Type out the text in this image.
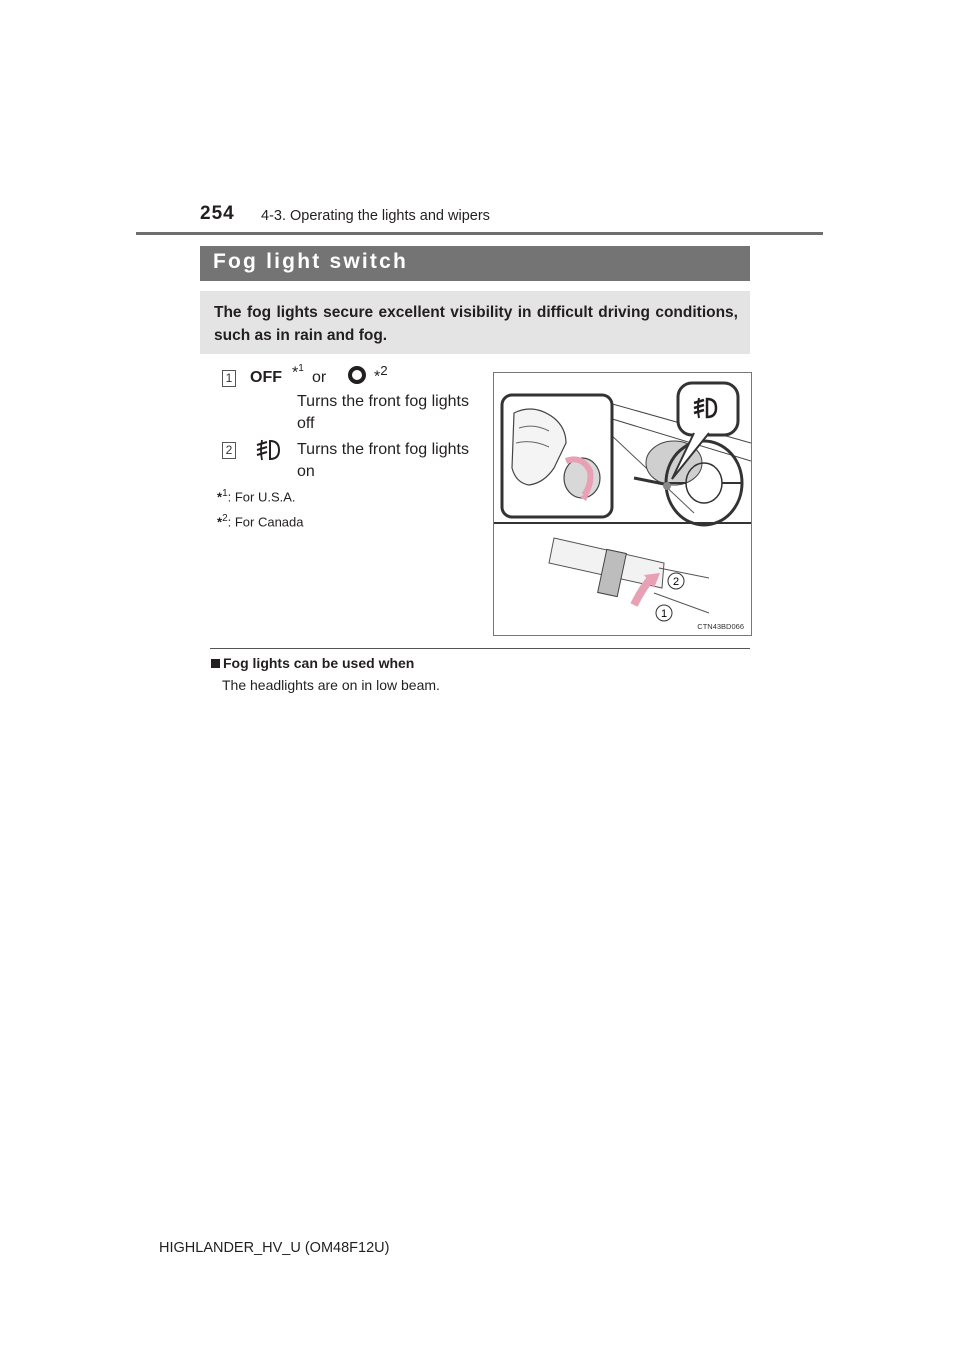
254 4-3. Operating the lights and wipers
Fog light switch
The fog lights secure excellent visibility in difficult driving conditions, such as in rain and fog.
1 OFF *$^1$
or	*$^2$
Turns the front fog lights off
2	Turns the front fog lights on
*$^1$: For U.S.A.
*$^2$: For Canada
2
1
CTN43BD066
Fog lights can be used when
The headlights are on in low beam.
HIGHLANDER_HV_U (OM48F12U)
